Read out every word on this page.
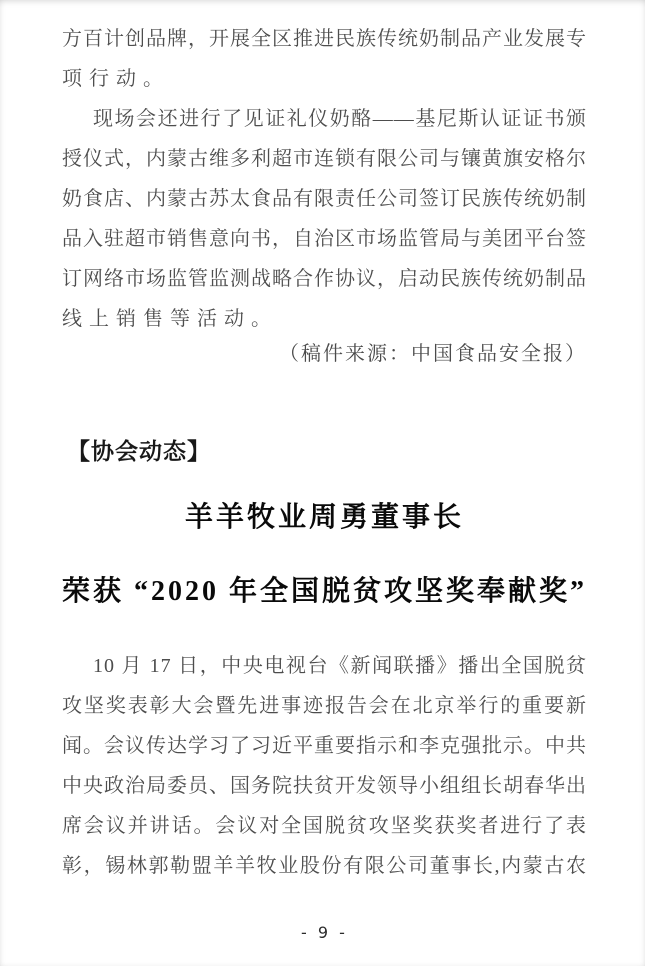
方百计创品牌，开展全区推进民族传统奶制品产业发展专

项行动。

现场会还进行了见证礼仪奶酪——基尼斯认证证书颁

授仪式，内蒙古维多利超市连锁有限公司与镶黄旗安格尔

奶食店、内蒙古苏太食品有限责任公司签订民族传统奶制

品入驻超市销售意向书，自治区市场监管局与美团平台签

订网络市场监管监测战略合作协议，启动民族传统奶制品

线上销售等活动。

（稿件来源：中国食品安全报）

【协会动态】
羊羊牧业周勇董事长
荣获 “2020 年全国脱贫攻坚奖奉献奖”

10 月 17 日，中央电视台《新闻联播》播出全国脱贫

攻坚奖表彰大会暨先进事迹报告会在北京举行的重要新

闻。会议传达学习了习近平重要指示和李克强批示。中共

中央政治局委员、国务院扶贫开发领导小组组长胡春华出

席会议并讲话。会议对全国脱贫攻坚奖获奖者进行了表

彰，锡林郭勒盟羊羊牧业股份有限公司董事长,内蒙古农

- 9 -
